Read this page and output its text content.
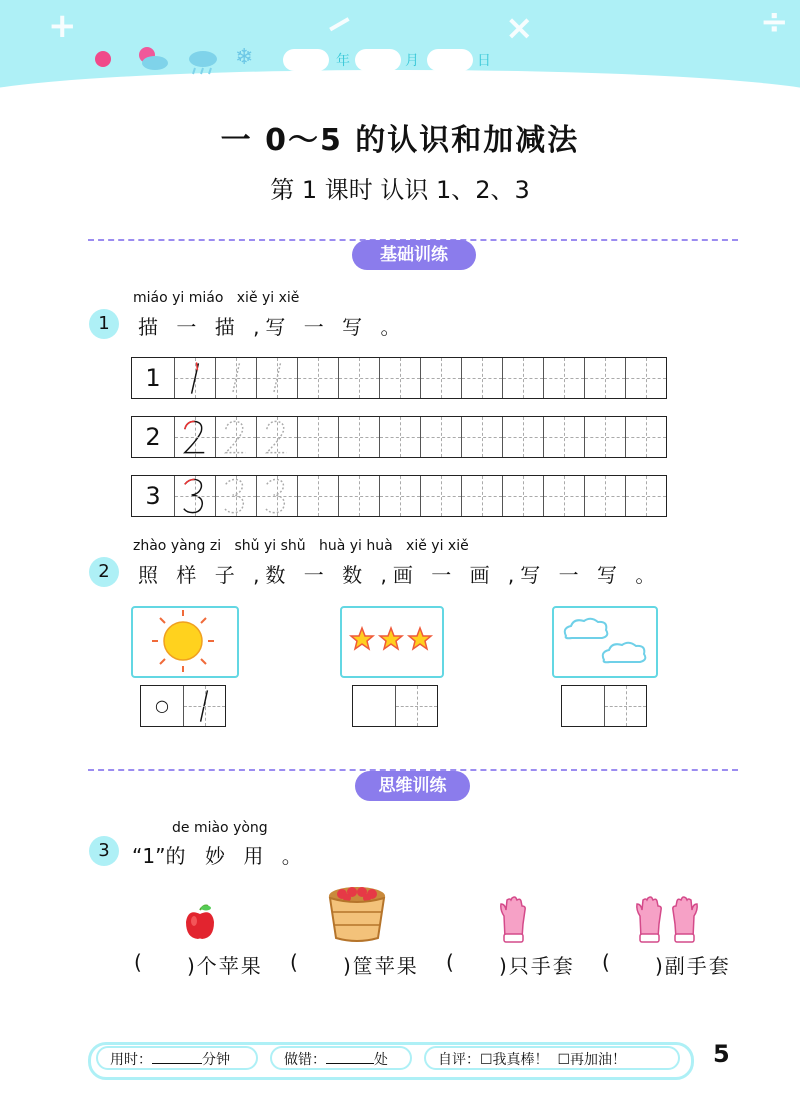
+	−	×	÷
❄	年	月	日
一 0～5 的认识和加减法
第 1 课时 认识 1、2、3
基础训练
miáo yi miáo   xiě yi xiě
1	描 一 描 ,写 一 写 。
1
2
3
zhào yàng zi   shǔ yi shǔ   huà yi huà   xiě yi xiě
2	照 样 子 ,数 一 数 ,画 一 画 ,写 一 写 。
○
思维训练
de miào yòng
3	“1”的 妙 用 。
( )个苹果 ( )筐苹果 ( )只手套 ( )副手套
用时：	分钟	做错：	处	自评：☐我真棒！  ☐再加油！	5
